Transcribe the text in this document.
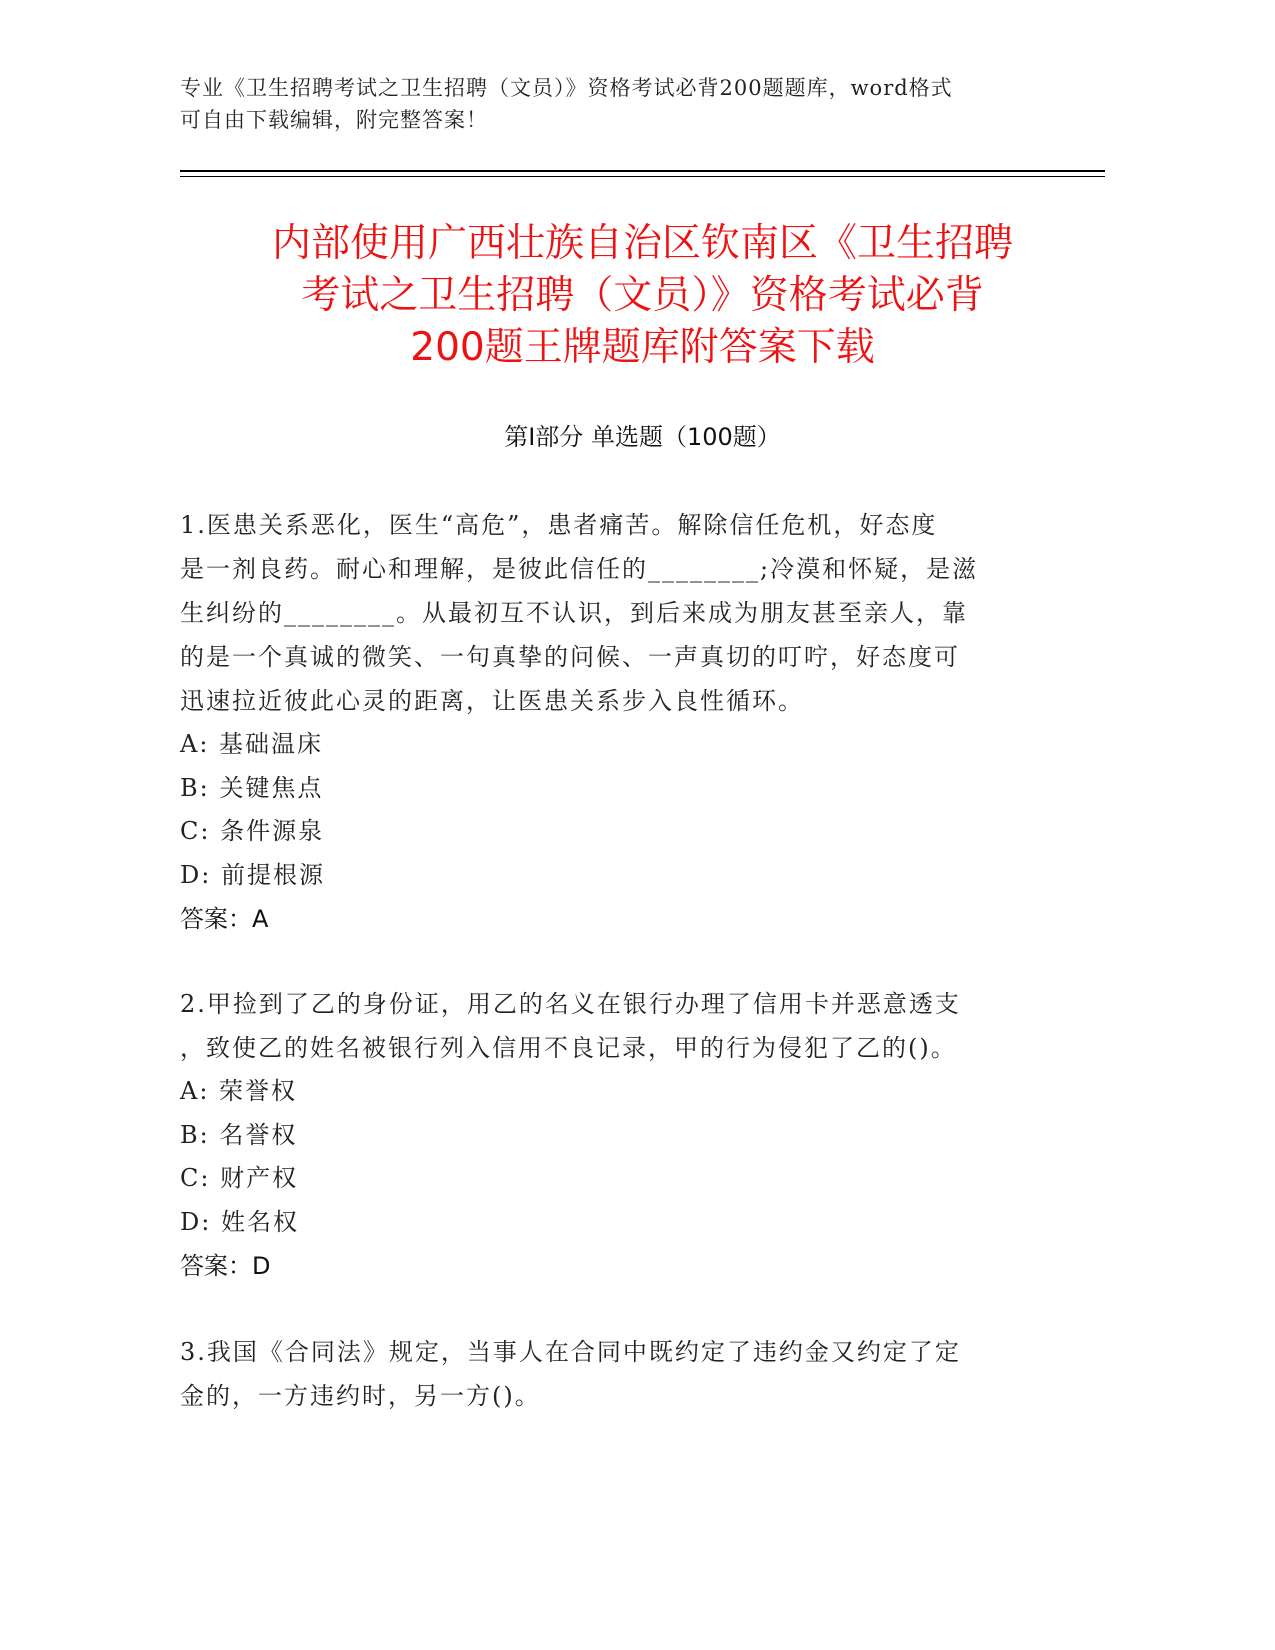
专业《卫生招聘考试之卫生招聘（文员）》资格考试必背200题题库，word格式
可自由下载编辑，附完整答案！
内部使用广西壮族自治区钦南区《卫生招聘
考试之卫生招聘（文员）》资格考试必背
200题王牌题库附答案下载
第Ⅰ部分 单选题（100题）

1.医患关系恶化，医生“高危”，患者痛苦。解除信任危机，好态度

是一剂良药。耐心和理解，是彼此信任的________;冷漠和怀疑，是滋

生纠纷的________。从最初互不认识，到后来成为朋友甚至亲人，靠

的是一个真诚的微笑、一句真挚的问候、一声真切的叮咛，好态度可

迅速拉近彼此心灵的距离，让医患关系步入良性循环。

A: 基础温床

B: 关键焦点

C: 条件源泉

D: 前提根源

答案：A

2.甲捡到了乙的身份证，用乙的名义在银行办理了信用卡并恶意透支

，致使乙的姓名被银行列入信用不良记录，甲的行为侵犯了乙的()。

A: 荣誉权

B: 名誉权

C: 财产权

D: 姓名权

答案：D

3.我国《合同法》规定，当事人在合同中既约定了违约金又约定了定

金的，一方违约时，另一方()。
